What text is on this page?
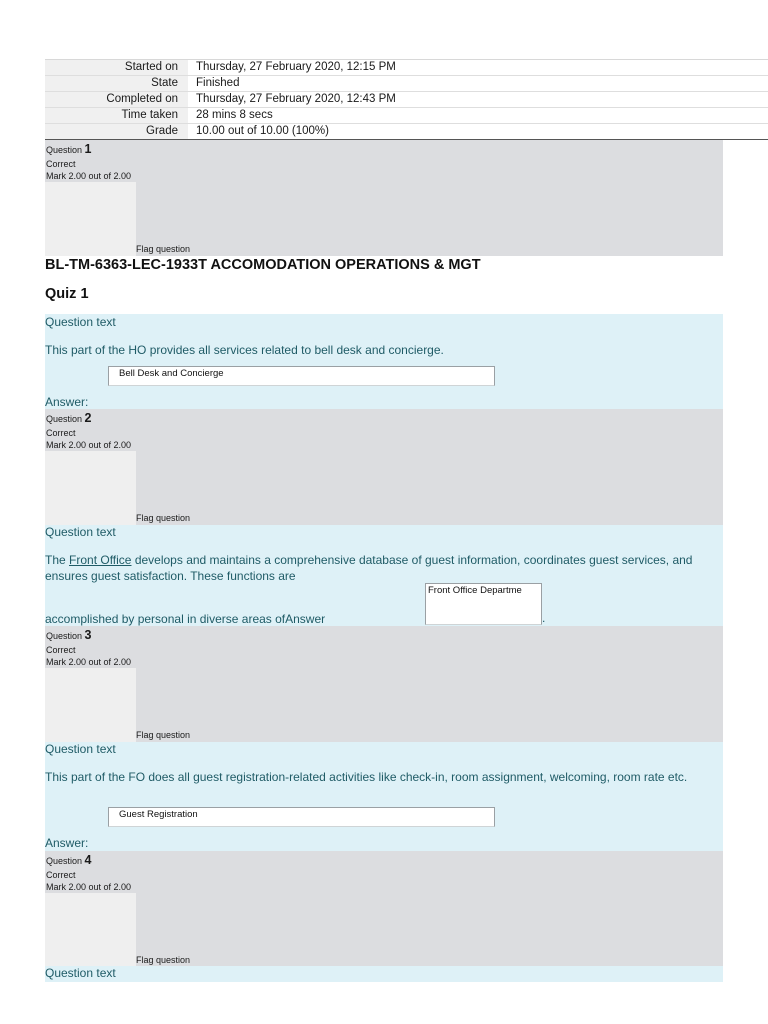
Started on	Thursday, 27 February 2020, 12:15 PM
State	Finished
Completed on	Thursday, 27 February 2020, 12:43 PM
Time taken	28 mins 8 secs
Grade	10.00 out of 10.00 (100%)
Question 1
Correct
Mark 2.00 out of 2.00
Flag question
BL-TM-6363-LEC-1933T ACCOMODATION OPERATIONS & MGT
Quiz 1
Question text
This part of the HO provides all services related to bell desk and concierge.
Bell Desk and Concierge
Answer:
Question 2
Correct
Mark 2.00 out of 2.00
Flag question
Question text
The Front Office develops and maintains a comprehensive database of guest information, coordinates guest services, and ensures guest satisfaction. These functions are
Front Office Departme
accomplished by personal in diverse areas ofAnswer	.
Question 3
Correct
Mark 2.00 out of 2.00
Flag question
Question text
This part of the FO does all guest registration-related activities like check-in, room assignment, welcoming, room rate etc.
Guest Registration
Answer:
Question 4
Correct
Mark 2.00 out of 2.00
Flag question
Question text
